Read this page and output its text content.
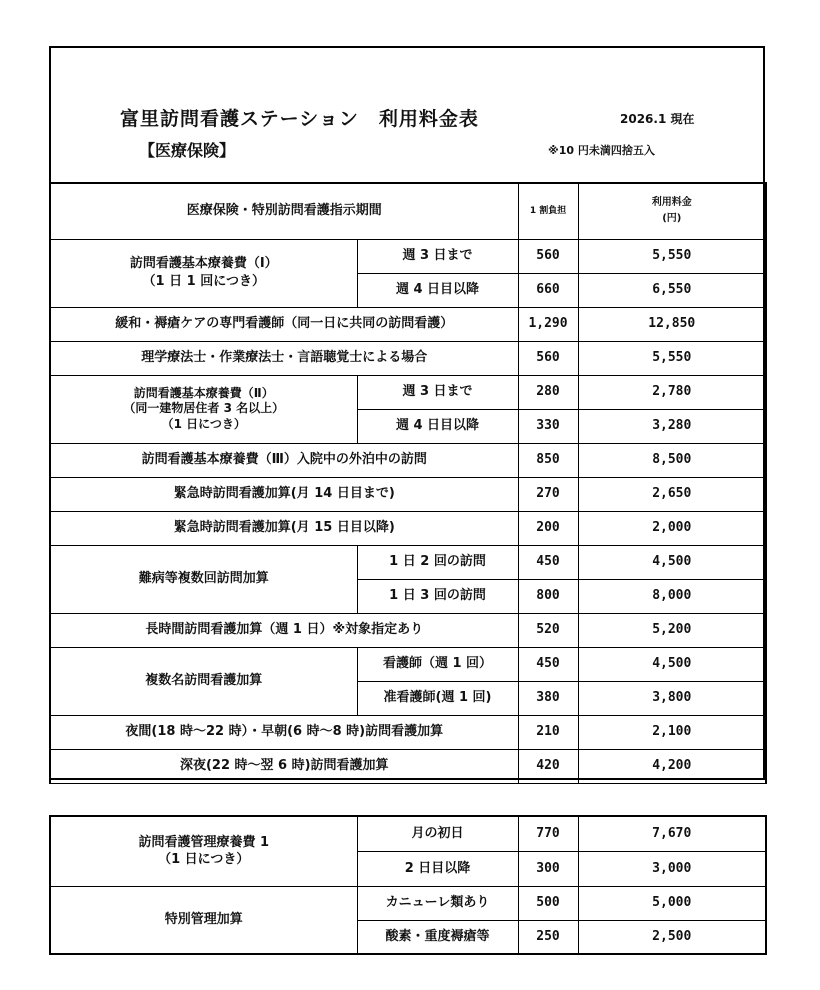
富里訪問看護ステーション　利用料金表
【医療保険】
2026.1 現在
※10 円未満四捨五入
医療保険・特別訪問看護指示期間		1 割負担	利用料金
(円)

訪問看護基本療養費（Ⅰ）
（1 日 1 回につき）	週 3 日まで	560	5,550
	週 4 日目以降	660	6,550
緩和・褥瘡ケアの専門看護師（同一日に共同の訪問看護）		1,290	12,850
理学療法士・作業療法士・言語聴覚士による場合		560	5,550

訪問看護基本療養費（Ⅱ）
（同一建物居住者 3 名以上）
（1 日につき）	週 3 日まで	280	2,780
	週 4 日目以降	330	3,280
訪問看護基本療養費（Ⅲ）入院中の外泊中の訪問		850	8,500
緊急時訪問看護加算(月 14 日目まで)		270	2,650
緊急時訪問看護加算(月 15 日目以降)		200	2,000
難病等複数回訪問加算	1 日 2 回の訪問	450	4,500
	1 日 3 回の訪問	800	8,000
長時間訪問看護加算（週 1 日）※対象指定あり		520	5,200
複数名訪問看護加算	看護師（週 1 回）	450	4,500
	准看護師(週 1 回)	380	3,800
夜間(18 時～22 時）・早朝(6 時～8 時)訪問看護加算		210	2,100
深夜(22 時～翌 6 時)訪問看護加算		420	4,200
訪問看護管理療養費 1
（1 日につき）	月の初日	770	7,670
	2 日目以降	300	3,000
特別管理加算	カニューレ類あり	500	5,000
	酸素・重度褥瘡等	250	2,500
